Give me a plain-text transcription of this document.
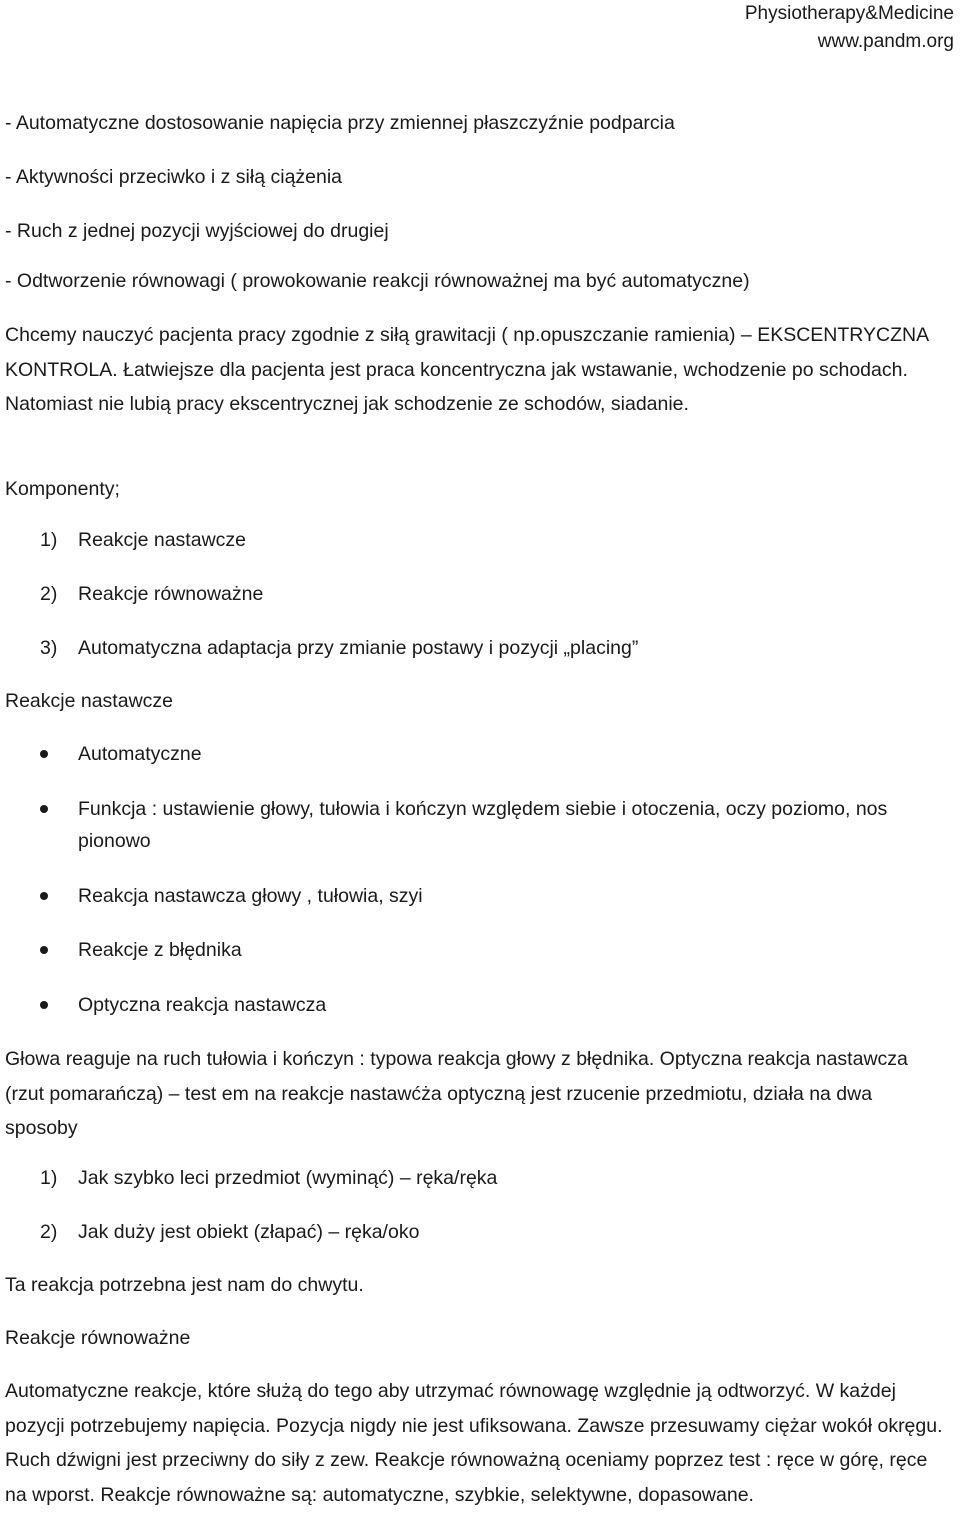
Physiotherapy&Medicine
www.pandm.org
- Automatyczne dostosowanie napięcia przy zmiennej płaszczyźnie podparcia
- Aktywności przeciwko i z siłą ciążenia
- Ruch z jednej pozycji wyjściowej do drugiej
- Odtworzenie równowagi ( prowokowanie reakcji równoważnej ma być automatyczne)
Chcemy nauczyć pacjenta pracy zgodnie z siłą grawitacji ( np.opuszczanie ramienia) – EKSCENTRYCZNA KONTROLA. Łatwiejsze dla pacjenta jest praca koncentryczna jak wstawanie, wchodzenie po schodach. Natomiast nie lubią pracy ekscentrycznej jak schodzenie ze schodów, siadanie.
Komponenty;
1) Reakcje nastawcze
2) Reakcje równoważne
3) Automatyczna adaptacja przy zmianie postawy i pozycji „placing”
Reakcje nastawcze
Automatyczne
Funkcja : ustawienie głowy, tułowia i kończyn względem siebie i otoczenia, oczy poziomo, nos pionowo
Reakcja nastawcza głowy , tułowia, szyi
Reakcje z błędnika
Optyczna reakcja nastawcza
Głowa reaguje na ruch tułowia i kończyn : typowa reakcja głowy z błędnika. Optyczna reakcja nastawcza (rzut pomarańczą) – test em na reakcje nastawćża optyczną jest rzucenie przedmiotu, działa na dwa sposoby
1) Jak szybko leci przedmiot (wyminąć) – ręka/ręka
2) Jak duży jest obiekt (złapać) – ręka/oko
Ta reakcja potrzebna jest nam do chwytu.
Reakcje równoważne
Automatyczne reakcje, które służą do tego aby utrzymać równowagę względnie ją odtworzyć. W każdej pozycji potrzebujemy napięcia. Pozycja nigdy nie jest ufiksowana. Zawsze przesuwamy ciężar wokół okręgu. Ruch dźwigni jest przeciwny do siły z zew. Reakcje równoważną oceniamy poprzez test : ręce w górę, ręce na wporst. Reakcje równoważne są: automatyczne, szybkie, selektywne, dopasowane.
